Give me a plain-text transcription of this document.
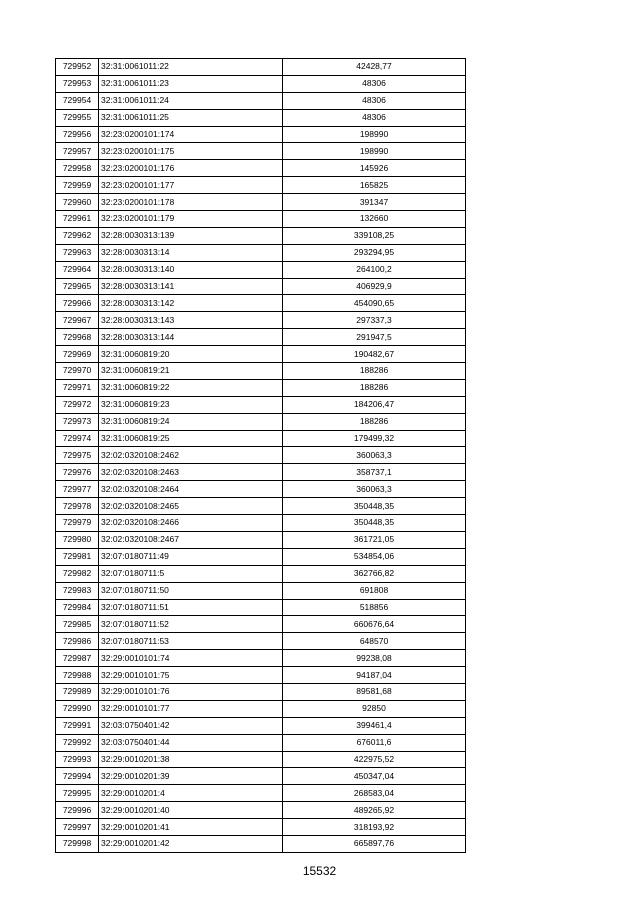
729952	32:31:0061011:22	42428,77
729953	32:31:0061011:23	48306
729954	32:31:0061011:24	48306
729955	32:31:0061011:25	48306
729956	32:23:0200101:174	198990
729957	32:23:0200101:175	198990
729958	32:23:0200101:176	145926
729959	32:23:0200101:177	165825
729960	32:23:0200101:178	391347
729961	32:23:0200101:179	132660
729962	32:28:0030313:139	339108,25
729963	32:28:0030313:14	293294,95
729964	32:28:0030313:140	264100,2
729965	32:28:0030313:141	406929,9
729966	32:28:0030313:142	454090,65
729967	32:28:0030313:143	297337,3
729968	32:28:0030313:144	291947,5
729969	32:31:0060819:20	190482,67
729970	32:31:0060819:21	188286
729971	32:31:0060819:22	188286
729972	32:31:0060819:23	184206,47
729973	32:31:0060819:24	188286
729974	32:31:0060819:25	179499,32
729975	32:02:0320108:2462	360063,3
729976	32:02:0320108:2463	358737,1
729977	32:02:0320108:2464	360063,3
729978	32:02:0320108:2465	350448,35
729979	32:02:0320108:2466	350448,35
729980	32:02:0320108:2467	361721,05
729981	32:07:0180711:49	534854,06
729982	32:07:0180711:5	362766,82
729983	32:07:0180711:50	691808
729984	32:07:0180711:51	518856
729985	32:07:0180711:52	660676,64
729986	32:07:0180711:53	648570
729987	32:29:0010101:74	99238,08
729988	32:29:0010101:75	94187,04
729989	32:29:0010101:76	89581,68
729990	32:29:0010101:77	92850
729991	32:03:0750401:42	399461,4
729992	32:03:0750401:44	676011,6
729993	32:29:0010201:38	422975,52
729994	32:29:0010201:39	450347,04
729995	32:29:0010201:4	268583,04
729996	32:29:0010201:40	489265,92
729997	32:29:0010201:41	318193,92
729998	32:29:0010201:42	665897,76
15532
